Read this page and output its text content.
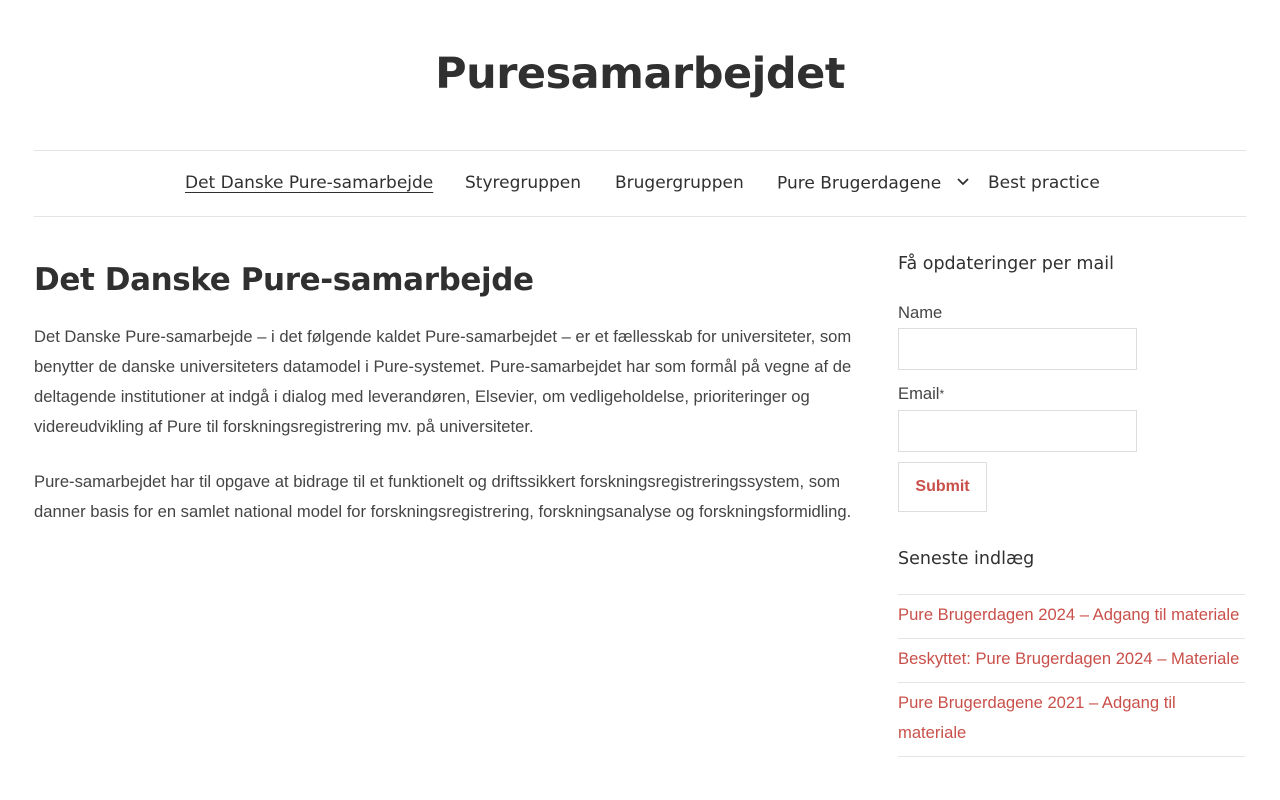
Puresamarbejdet
Det Danske Pure-samarbejde Styregruppen Brugergruppen Pure Brugerdagene	Best practice
Det Danske Pure-samarbejde

Det Danske Pure-samarbejde – i det følgende kaldet Pure-samarbejdet – er et fællesskab for universiteter, som benytter de danske universiteters datamodel i Pure-systemet. Pure-samarbejdet har som formål på vegne af de deltagende institutioner at indgå i dialog med leverandøren, Elsevier, om vedligeholdelse, prioriteringer og videreudvikling af Pure til forskningsregistrering mv. på universiteter.

Pure-samarbejdet har til opgave at bidrage til et funktionelt og driftssikkert forskningsregistreringssystem, som danner basis for en samlet national model for forskningsregistrering, forskningsanalyse og forskningsformidling.

Få opdateringer per mail
Name
Email*
Submit
Seneste indlæg
Pure Brugerdagen 2024 – Adgang til materiale
Beskyttet: Pure Brugerdagen 2024 – Materiale
Pure Brugerdagene 2021 – Adgang til materiale
